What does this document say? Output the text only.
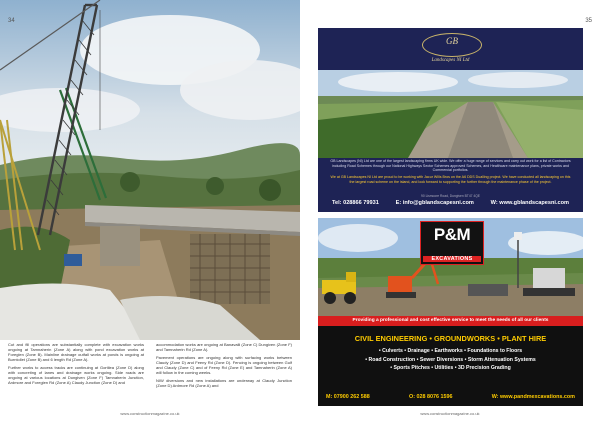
Cut and fill operations are substantially complete with excavation works ongoing at Tamnaherin (Zone A) along with pond excavation works at Foreglen (Zone B). Mainline drainage outfall works at ponds is ongoing at Burntollet (Zone B) and 6 length Rd (Zone A).

Further works to access tracks are continuing at Gortilea (Zone D) along with concreting of lanes and drainage works ongoing. Side roads are ongoing at various locations at Dungiven (Zone F) Tamnaherin Junction, Ardmore and Foreglen Rd (Zone A) Claudy Junction (Zone D) and

accommodation works are ongoing at Banavalli (Zone C) Dungiven (Zone F) and Tamnaherin Rd (Zone A).

Pavement operations are ongoing along with surfacing works between Claudy (Zone D) and Feeny Rd (Zone D). Fencing is ongoing between Gulf and Claudy (Zone C) and of Feeny Rd (Zone E) and Tamnaherin (Zone A) will follow in the coming weeks.

NIW diversions and new installations are underway at Claudy Junction (Zone D) Ardmore Rd (Zone A) and

34
www.constructionmagazine.co.uk
35
GB
Landscapes NI Ltd
GB Landscapes (NI) Ltd are one of the largest landscaping firms UK wide. We offer a huge range of services and carry out work for a list of Contractors including Road Schemes through our National Highways Sector Schemes approved Schemes, and Healthcare maintenance plans, private works and Commercial portfolios.
We at GB Landscapes NI Ltd are proud to be working with Jacur Wills Bros on the A6 DDS Dualling project. We have conducted all landscaping on this the largest road scheme on the island, and look forward to supporting the further through the maintenance phase of the project.
90 Lismoore Road, Dungiven BT47 4QE
Tel: 028866 79931	E: info@gblandscapesni.com	W: www.gblandscapesni.com
P&M
EXCAVATIONS
Providing a professional and cost effective service to meet the needs of all our clients
CIVIL ENGINEERING • GROUNDWORKS • PLANT HIRE
• Culverts • Drainage • Earthworks • Foundations to Floors
• Road Construction • Sewer Diversions • Storm Attenuation Systems
• Sports Pitches • Utilities • 3D Precision Grading
M: 07900 262 588	O: 028 8076 1596	W: www.pandmexcavations.com
www.constructionmagazine.co.uk
